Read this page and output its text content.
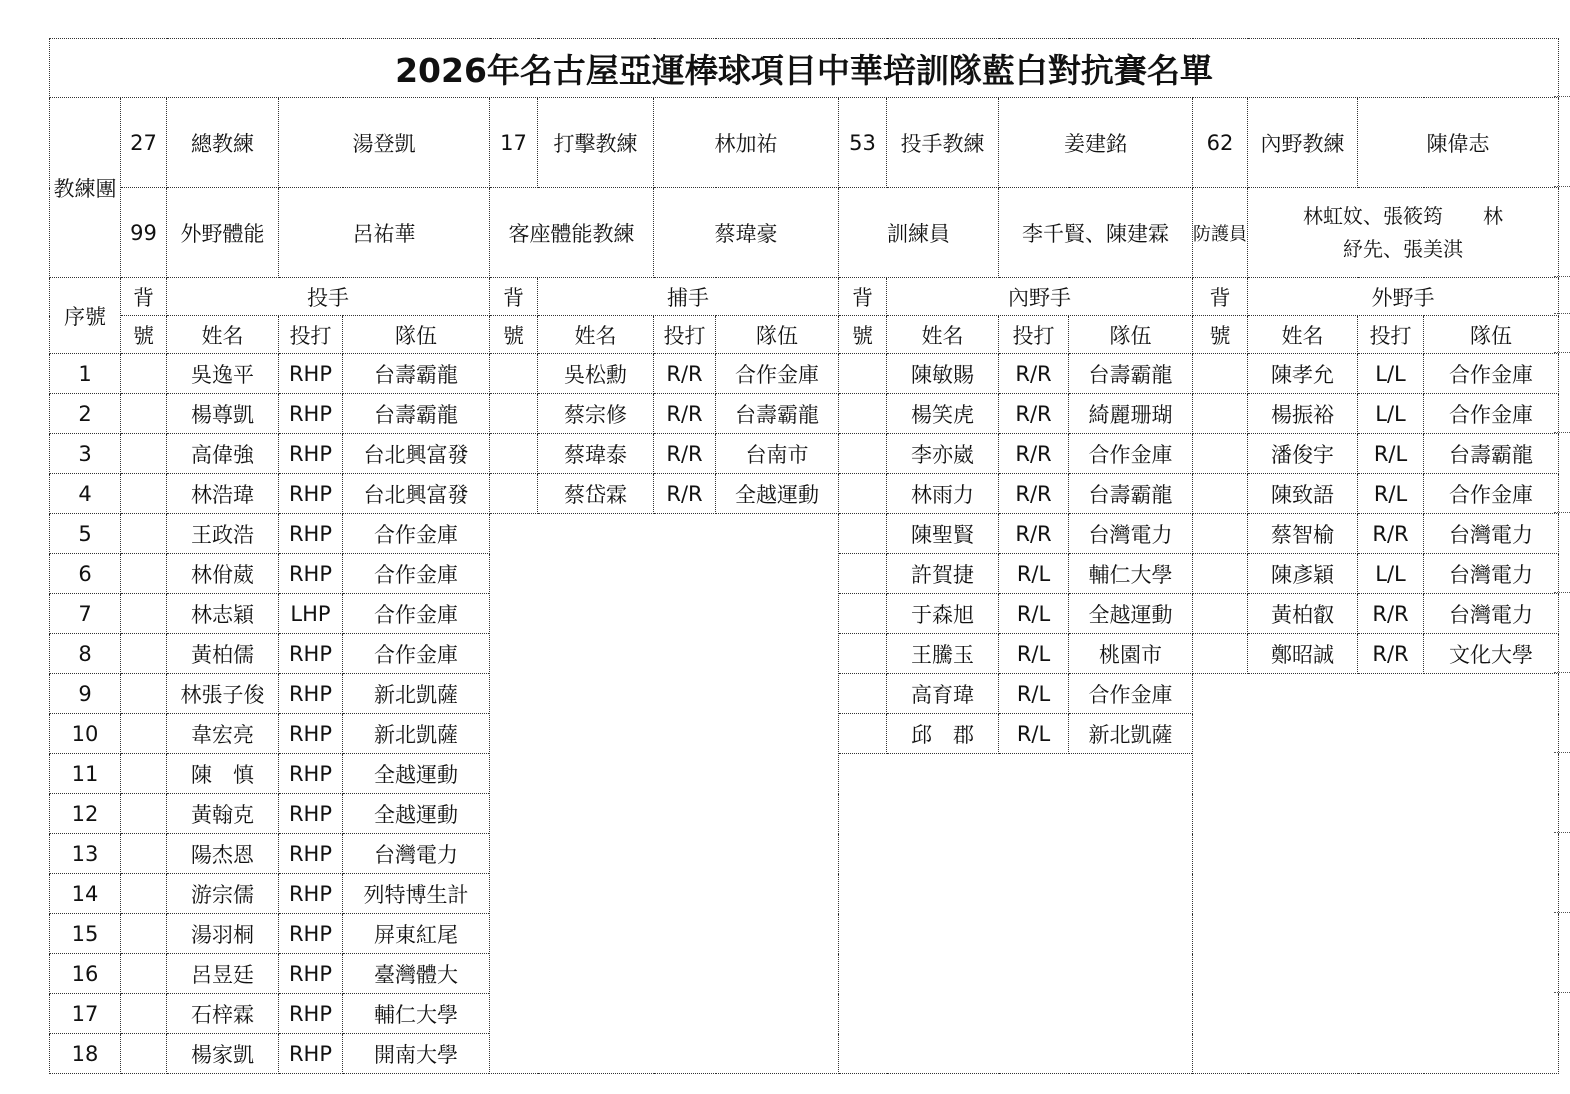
2026年名古屋亞運棒球項目中華培訓隊藍白對抗賽名單																
教練團	27	總教練	湯登凱		17	打擊教練	林加祐		53	投手教練	姜建銘		62	內野教練	陳偉志	
	99	外野體能	呂祐華		客座體能教練		蔡瑋豪		訓練員		李千賢、陳建霖		防護員	林虹妏、張筱筠　　林
紓先、張美淇		

序號	背	投手			背	捕手			背	內野手			背	外野手		
	號	姓名	投打	隊伍	號	姓名	投打	隊伍	號	姓名	投打	隊伍	號	姓名	投打	隊伍
1		吳逸平	RHP	台壽霸龍		吳松勳	R/R	合作金庫		陳敏賜	R/R	台壽霸龍		陳孝允	L/L	合作金庫
2		楊尊凱	RHP	台壽霸龍		蔡宗修	R/R	台壽霸龍		楊笑虎	R/R	綺麗珊瑚		楊振裕	L/L	合作金庫
3		高偉強	RHP	台北興富發		蔡瑋泰	R/R	台南市		李亦崴	R/R	合作金庫		潘俊宇	R/L	台壽霸龍
4		林浩瑋	RHP	台北興富發		蔡岱霖	R/R	全越運動		林雨力	R/R	台壽霸龍		陳致語	R/L	合作金庫
5		王政浩	RHP	合作金庫						陳聖賢	R/R	台灣電力		蔡智榆	R/R	台灣電力
6		林佾葳	RHP	合作金庫						許賀捷	R/L	輔仁大學		陳彥穎	L/L	台灣電力
7		林志穎	LHP	合作金庫						于森旭	R/L	全越運動		黃柏叡	R/R	台灣電力
8		黃柏儒	RHP	合作金庫						王騰玉	R/L	桃園市		鄭昭誠	R/R	文化大學
9		林張子俊	RHP	新北凱薩						高育瑋	R/L	合作金庫				
10		韋宏亮	RHP	新北凱薩						邱　郡	R/L	新北凱薩				
11		陳　慎	RHP	全越運動												
12		黃翰克	RHP	全越運動												
13		陽杰恩	RHP	台灣電力												
14		游宗儒	RHP	列特博生計												
15		湯羽桐	RHP	屏東紅尾												
16		呂昱廷	RHP	臺灣體大												
17		石梓霖	RHP	輔仁大學												
18		楊家凱	RHP	開南大學												
